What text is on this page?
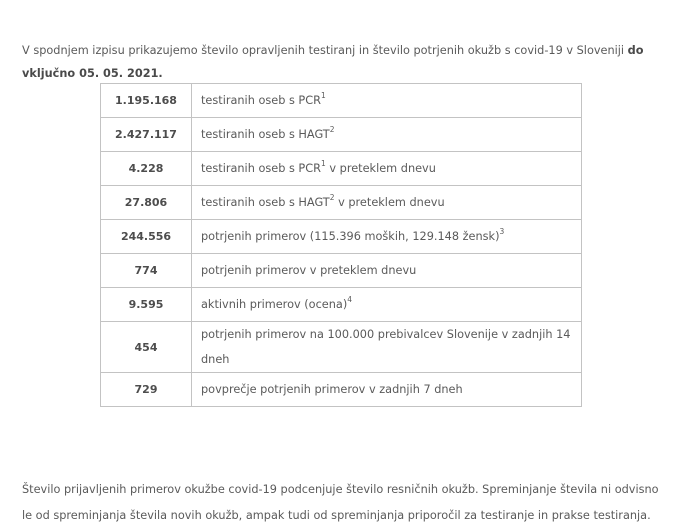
V spodnjem izpisu prikazujemo število opravljenih testiranj in število potrjenih okužb s covid-19 v Sloveniji do vključno 05. 05. 2021.

1.195.168	testiranih oseb s PCR$^1$
2.427.117	testiranih oseb s HAGT$^2$
4.228	testiranih oseb s PCR$^1$ v preteklem dnevu
27.806	testiranih oseb s HAGT$^2$ v preteklem dnevu
244.556	potrjenih primerov (115.396 moških, 129.148 žensk)$^3$
774	potrjenih primerov v preteklem dnevu
9.595	aktivnih primerov (ocena)$^4$
454	potrjenih primerov na 100.000 prebivalcev Slovenije v zadnjih 14 dneh
729	povprečje potrjenih primerov v zadnjih 7 dneh

Število prijavljenih primerov okužbe covid-19 podcenjuje število resničnih okužb. Spreminjanje števila ni odvisno le od spreminjanja števila novih okužb, ampak tudi od spreminjanja priporočil za testiranje in prakse testiranja.
